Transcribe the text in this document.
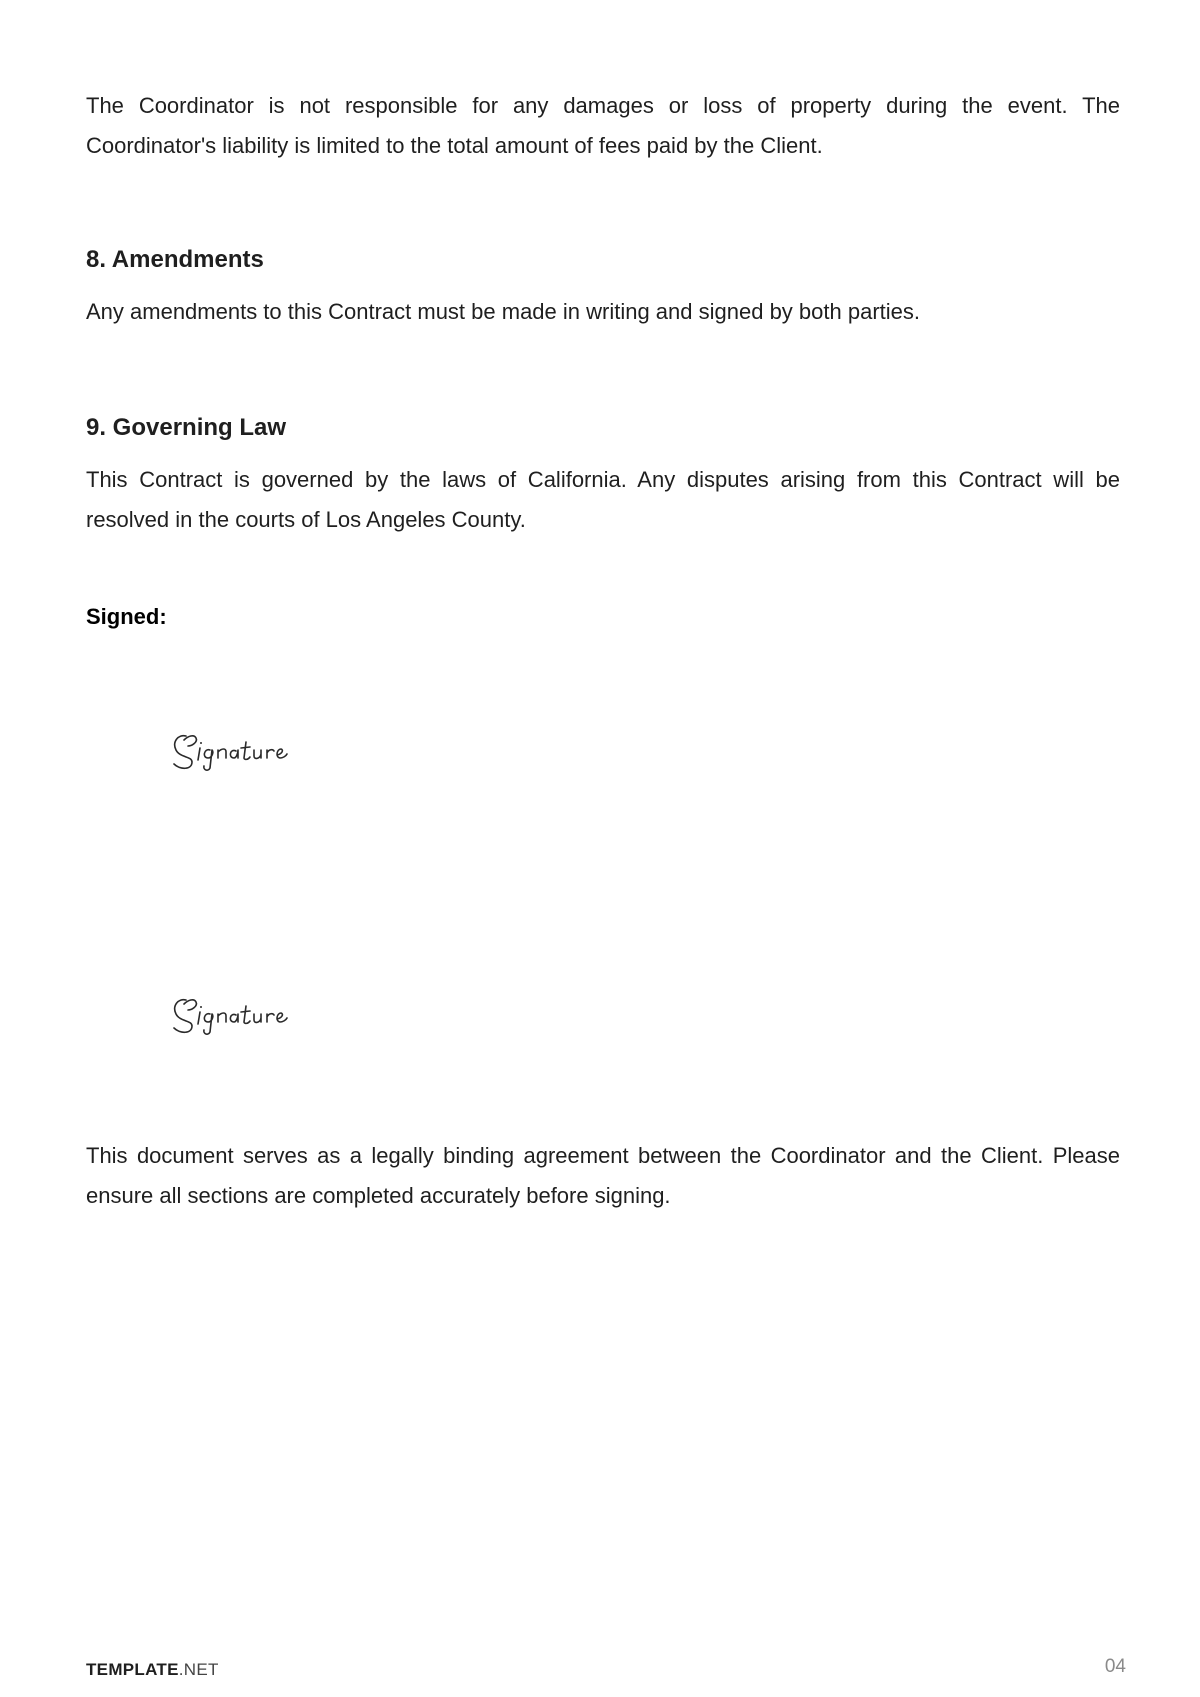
The Coordinator is not responsible for any damages or loss of property during the event. The Coordinator's liability is limited to the total amount of fees paid by the Client.

8. Amendments

Any amendments to this Contract must be made in writing and signed by both parties.

9. Governing Law

This Contract is governed by the laws of California. Any disputes arising from this Contract will be resolved in the courts of Los Angeles County.

Signed:

This document serves as a legally binding agreement between the Coordinator and the Client. Please ensure all sections are completed accurately before signing.

TEMPLATE.NET	04
